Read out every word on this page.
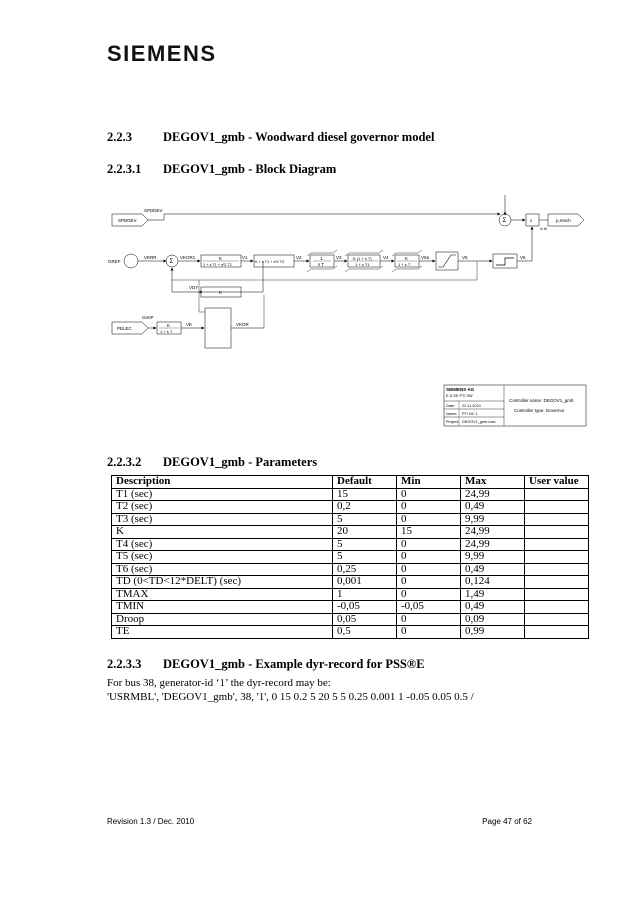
SIEMENS
2.2.3 DEGOV1_gmb - Woodward diesel governor model
2.2.3.1 DEGOV1_gmb - Block Diagram
SPDDEV
SPDDEV
Σ	x
in W
p,mech
GREF
VERR
Σ
VKOR1	K
1 + s T1 + s²2 T2
V1
K + s T1 + s²2 T2
V2	1
s T
V3	K (1 + s T)
1 + s T1
V4	K
1 + s T
V5a	V5	V6
VDY
K
PELEC
GenP
K
1 + s T
VE	VKOR
SIEMENS AG
E D SE PTI SW
Date: 22.11.2010
Name: PTI NC 1
Project: DEGOV1_gmb.mac
Controller name: DEGOV1_gmb
Controller type: Governor
2.2.3.2 DEGOV1_gmb - Parameters
Description	Default	Min	Max	User value
T1 (sec)	15	0	24,99	
T2 (sec)	0,2	0	0,49	
T3 (sec)	5	0	9,99	
K	20	15	24,99	
T4 (sec)	5	0	24,99	
T5 (sec)	5	0	9,99	
T6 (sec)	0,25	0	0,49	
TD (0<TD<12*DELT) (sec)	0,001	0	0,124	
TMAX	1	0	1,49	
TMIN	-0,05	-0,05	0,49	
Droop	0,05	0	0,09	
TE	0,5	0	0,99	
2.2.3.3 DEGOV1_gmb - Example dyr-record for PSS®E
For bus 38, generator-id ‘1’ the dyr-record may be:
'USRMBL', 'DEGOV1_gmb', 38, '1', 0 15 0.2 5 20 5 5 0.25 0.001 1 -0.05 0.05 0.5 /
Revision 1.3 / Dec. 2010	Page 47 of 62
